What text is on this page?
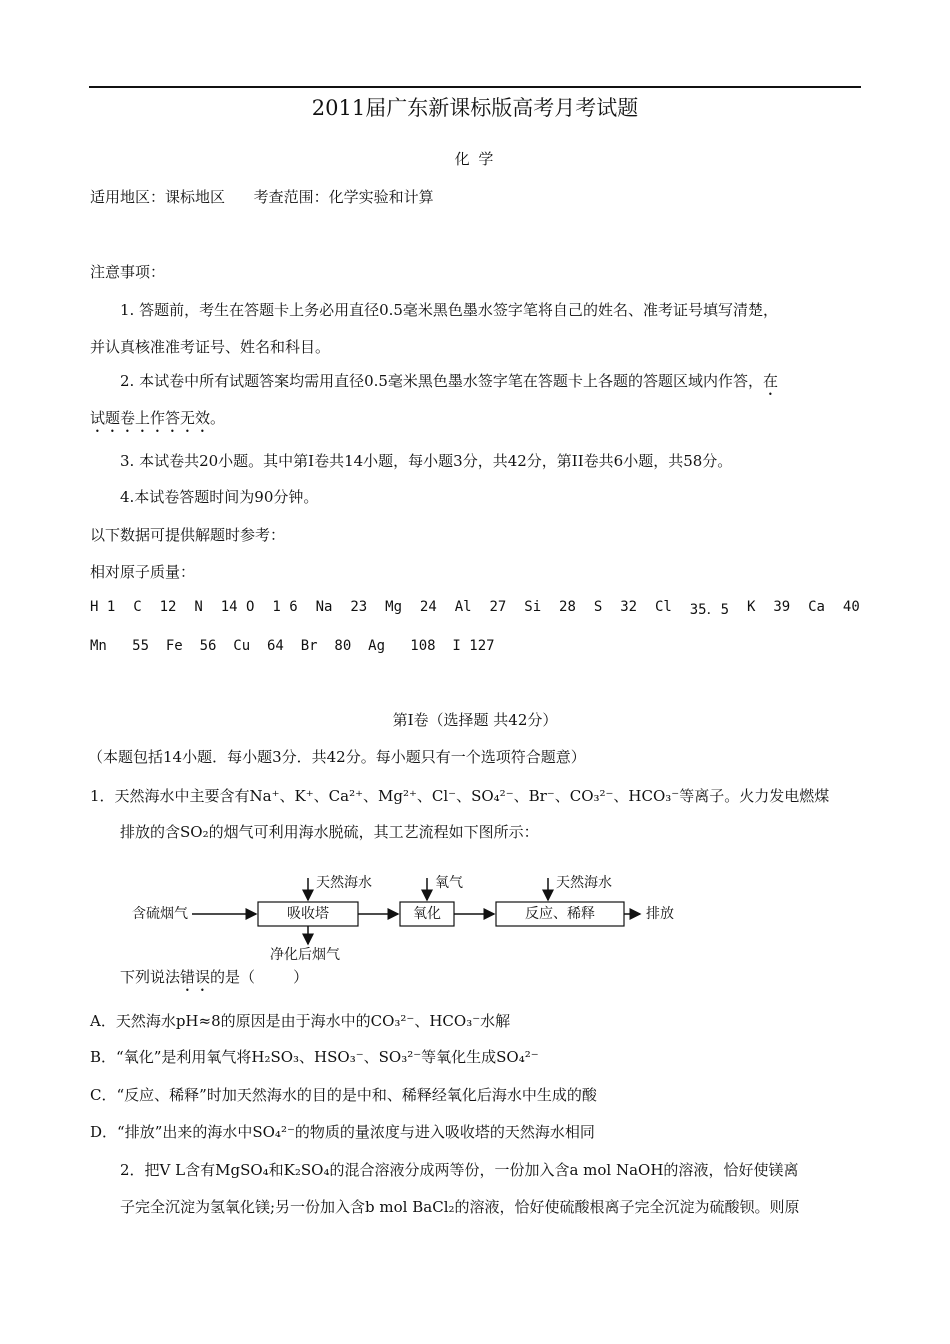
2011届广东新课标版高考月考试题
化 学
适用地区：课标地区      考查范围：化学实验和计算
注意事项：
1. 答题前，考生在答题卡上务必用直径0.5毫米黑色墨水签字笔将自己的姓名、准考证号填写清楚，
并认真核准准考证号、姓名和科目。
2. 本试卷中所有试题答案均需用直径0.5毫米黑色墨水签字笔在答题卡上各题的答题区域内作答，在
试题卷上作答无效。
3. 本试卷共20小题。其中第I卷共14小题，每小题3分，共42分，第II卷共6小题，共58分。
4.本试卷答题时间为90分钟。
以下数据可提供解题时参考：
相对原子质量：
H 1 C 12 N 14 O 1 6 Na 23 Mg 24 Al 27 Si 28 S 32 Cl 35．5 K 39 Ca 40
Mn   55  Fe  56  Cu  64  Br  80  Ag   108  I 127
第I卷（选择题 共42分）
（本题包括14小题．每小题3分．共42分。每小题只有一个选项符合题意）
1．天然海水中主要含有Na⁺、K⁺、Ca²⁺、Mg²⁺、Cl⁻、SO₄²⁻、Br⁻、CO₃²⁻、HCO₃⁻等离子。火力发电燃煤
排放的含SO₂的烟气可利用海水脱硫，其工艺流程如下图所示：
含硫烟气	吸收塔
天然海水
净化后烟气
氧化
氧气
反应、稀释
天然海水
排放
下列说法错误的是（        ）
A．天然海水pH≈8的原因是由于海水中的CO₃²⁻、HCO₃⁻水解
B．“氧化”是利用氧气将H₂SO₃、HSO₃⁻、SO₃²⁻等氧化生成SO₄²⁻
C．“反应、稀释”时加天然海水的目的是中和、稀释经氧化后海水中生成的酸
D．“排放”出来的海水中SO₄²⁻的物质的量浓度与进入吸收塔的天然海水相同
2．把V L含有MgSO₄和K₂SO₄的混合溶液分成两等份，一份加入含a mol NaOH的溶液，恰好使镁离
子完全沉淀为氢氧化镁;另一份加入含b mol BaCl₂的溶液，恰好使硫酸根离子完全沉淀为硫酸钡。则原
